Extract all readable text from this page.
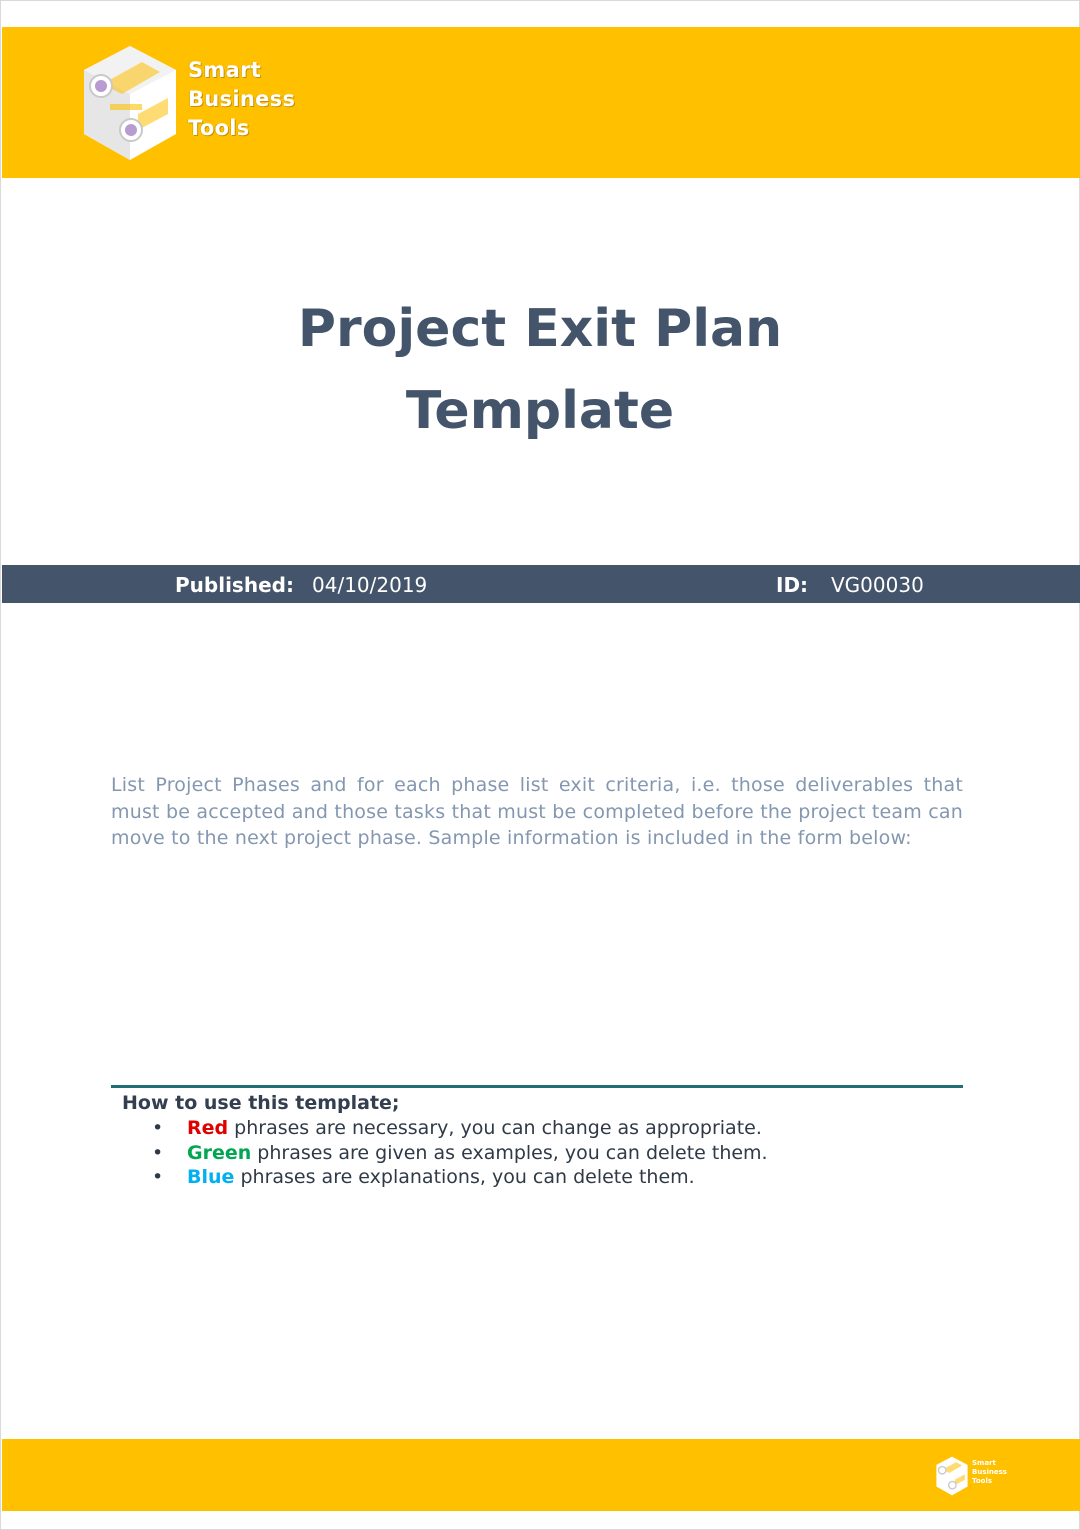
Smart
Business
Tools
Project Exit Plan
Template
Published: 04/10/2019	ID: VG00030
List Project Phases and for each phase list exit criteria, i.e. those deliverables that must be accepted and those tasks that must be completed before the project team can move to the next project phase. Sample information is included in the form below:
How to use this template;
• Red phrases are necessary, you can change as appropriate.
• Green phrases are given as examples, you can delete them.
• Blue phrases are explanations, you can delete them.
Smart
Business
Tools
